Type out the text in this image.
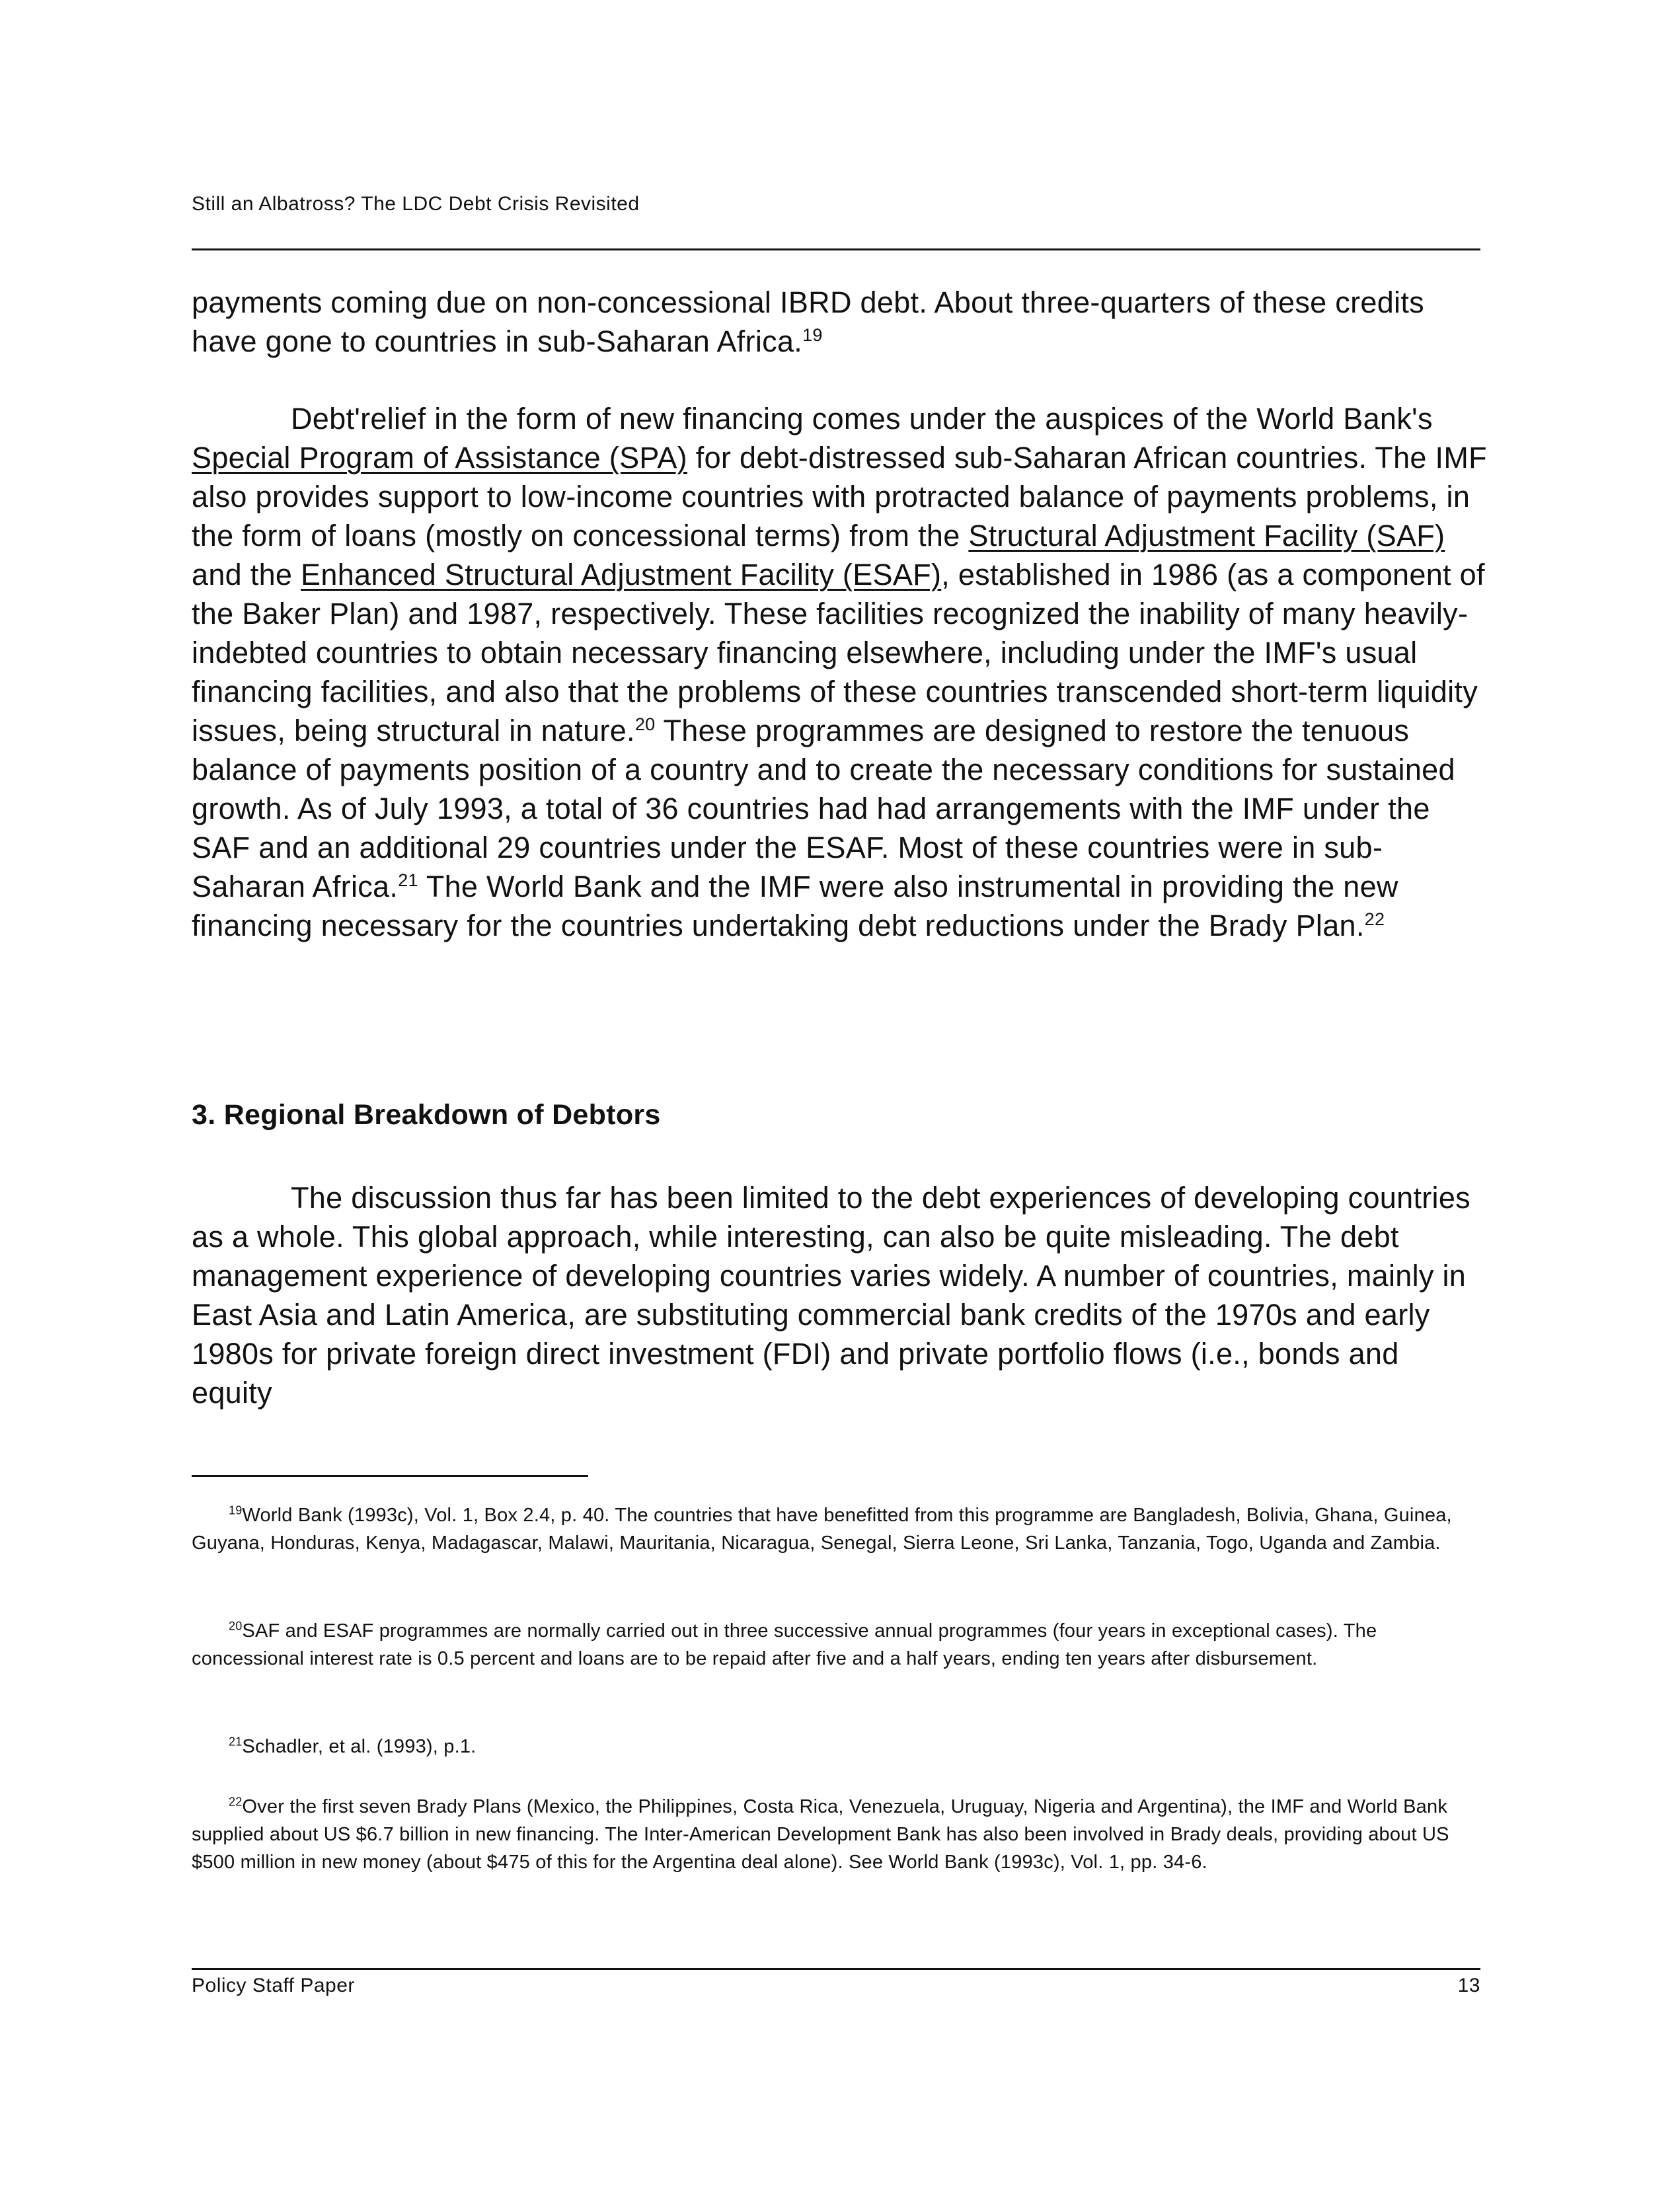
Still an Albatross? The LDC Debt Crisis Revisited

payments coming due on non-concessional IBRD debt. About three-quarters of these credits have gone to countries in sub-Saharan Africa.$^{19}$

Debt'relief in the form of new financing comes under the auspices of the World Bank's Special Program of Assistance (SPA) for debt-distressed sub-Saharan African countries. The IMF also provides support to low-income countries with protracted balance of payments problems, in the form of loans (mostly on concessional terms) from the Structural Adjustment Facility (SAF) and the Enhanced Structural Adjustment Facility (ESAF), established in 1986 (as a component of the Baker Plan) and 1987, respectively. These facilities recognized the inability of many heavily-indebted countries to obtain necessary financing elsewhere, including under the IMF's usual financing facilities, and also that the problems of these countries transcended short-term liquidity issues, being structural in nature.$^{20}$ These programmes are designed to restore the tenuous balance of payments position of a country and to create the necessary conditions for sustained growth. As of July 1993, a total of 36 countries had had arrangements with the IMF under the SAF and an additional 29 countries under the ESAF. Most of these countries were in sub-Saharan Africa.$^{21}$ The World Bank and the IMF were also instrumental in providing the new financing necessary for the countries undertaking debt reductions under the Brady Plan.$^{22}$

3. Regional Breakdown of Debtors

The discussion thus far has been limited to the debt experiences of developing countries as a whole. This global approach, while interesting, can also be quite misleading. The debt management experience of developing countries varies widely. A number of countries, mainly in East Asia and Latin America, are substituting commercial bank credits of the 1970s and early 1980s for private foreign direct investment (FDI) and private portfolio flows (i.e., bonds and equity

$^{19}$World Bank (1993c), Vol. 1, Box 2.4, p. 40. The countries that have benefitted from this programme are Bangladesh, Bolivia, Ghana, Guinea, Guyana, Honduras, Kenya, Madagascar, Malawi, Mauritania, Nicaragua, Senegal, Sierra Leone, Sri Lanka, Tanzania, Togo, Uganda and Zambia.
$^{20}$SAF and ESAF programmes are normally carried out in three successive annual programmes (four years in exceptional cases). The concessional interest rate is 0.5 percent and loans are to be repaid after five and a half years, ending ten years after disbursement.
$^{21}$Schadler, et al. (1993), p.1.
$^{22}$Over the first seven Brady Plans (Mexico, the Philippines, Costa Rica, Venezuela, Uruguay, Nigeria and Argentina), the IMF and World Bank supplied about US $6.7 billion in new financing. The Inter-American Development Bank has also been involved in Brady deals, providing about US $500 million in new money (about $475 of this for the Argentina deal alone). See World Bank (1993c), Vol. 1, pp. 34-6.
Policy Staff Paper	13
